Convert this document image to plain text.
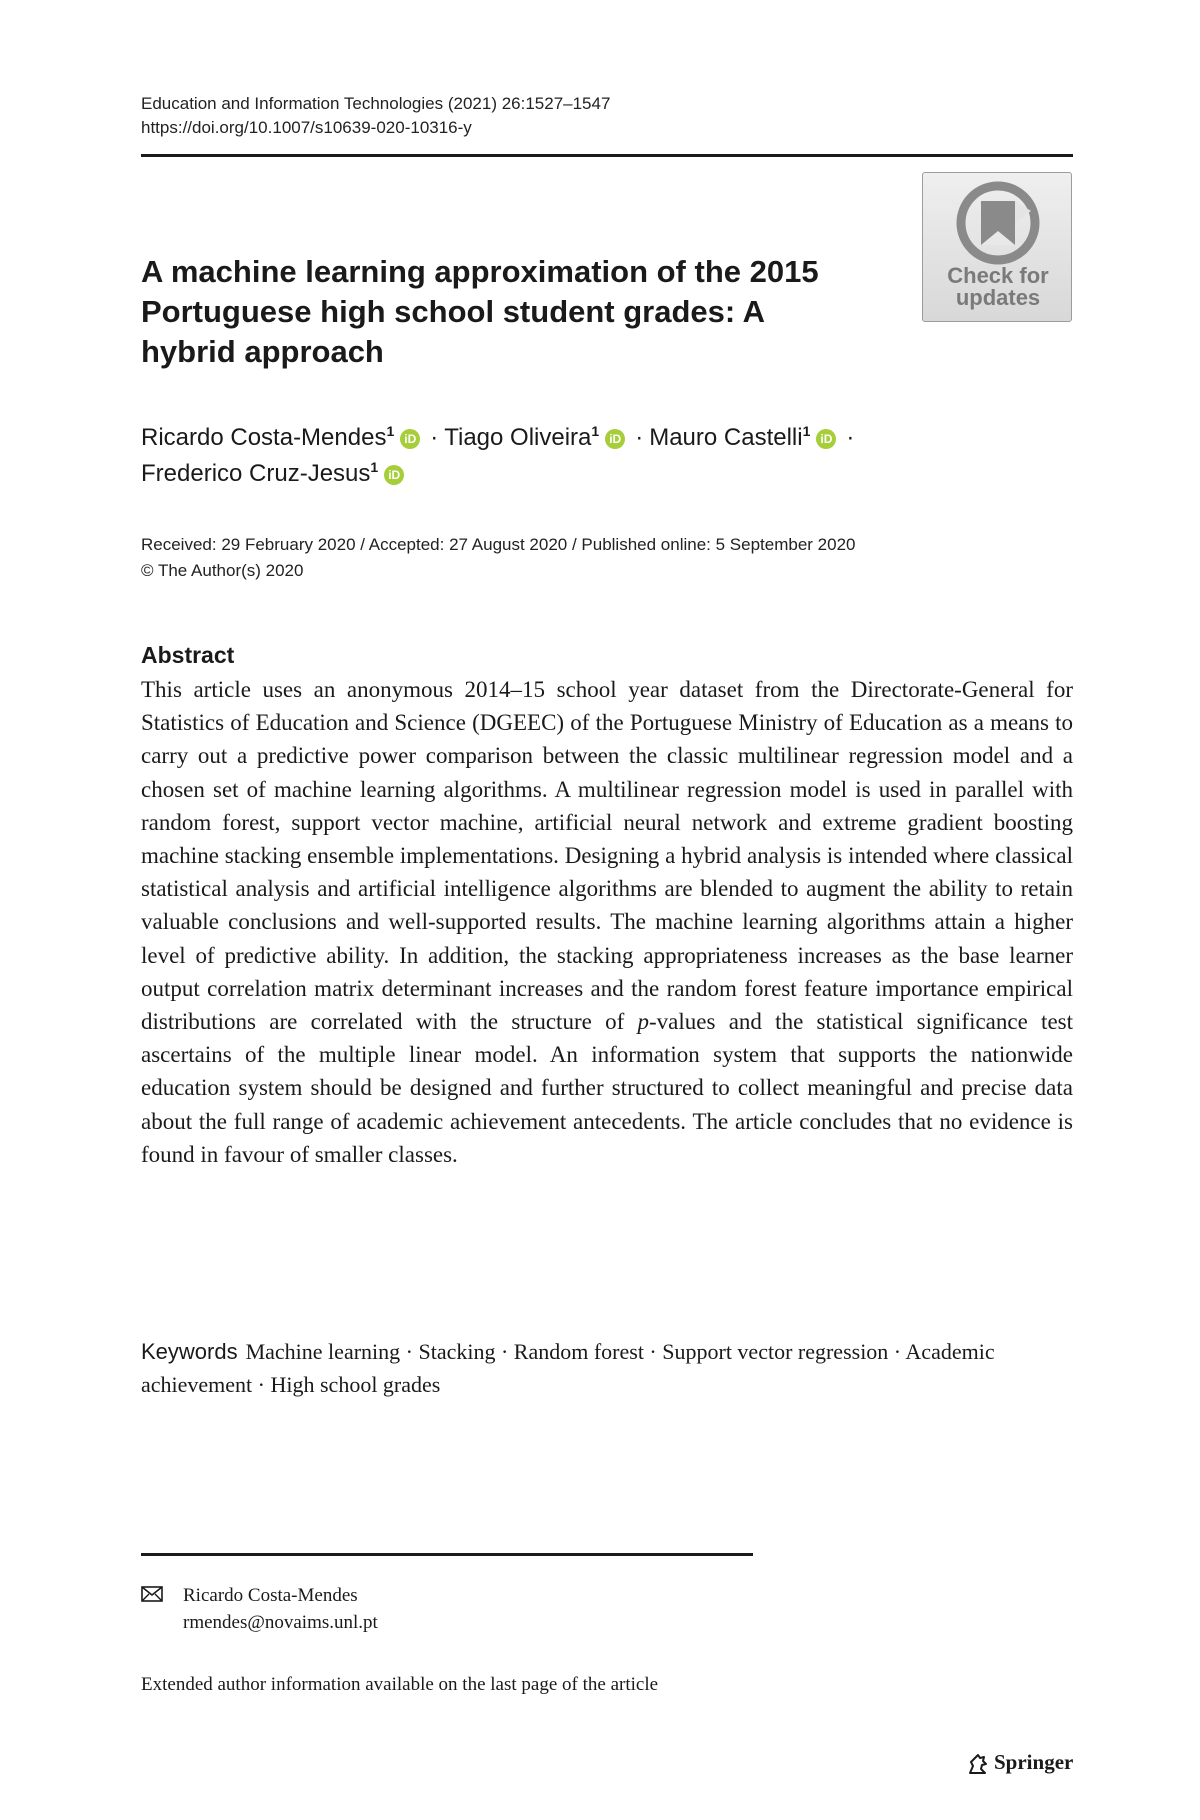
Education and Information Technologies (2021) 26:1527–1547
https://doi.org/10.1007/s10639-020-10316-y
A machine learning approximation of the 2015 Portuguese high school student grades: A hybrid approach
Check for
updates
Ricardo Costa-Mendes$^1$ iD · Tiago Oliveira$^1$ iD · Mauro Castelli$^1$ iD ·
Frederico Cruz-Jesus$^1$ iD
Received: 29 February 2020 / Accepted: 27 August 2020 / Published online: 5 September 2020
© The Author(s) 2020
Abstract

This article uses an anonymous 2014–15 school year dataset from the Directorate-General for Statistics of Education and Science (DGEEC) of the Portuguese Ministry of Education as a means to carry out a predictive power comparison between the classic multilinear regression model and a chosen set of machine learning algorithms. A multilinear regression model is used in parallel with random forest, support vector machine, artificial neural network and extreme gradient boosting machine stacking ensemble implementations. Designing a hybrid analysis is intended where classical statistical analysis and artificial intelligence algorithms are blended to augment the ability to retain valuable conclusions and well-supported results. The machine learning algorithms attain a higher level of predictive ability. In addition, the stacking appropriateness increases as the base learner output correlation matrix determinant increases and the random forest feature importance empirical distributions are correlated with the structure of p-values and the statistical significance test ascertains of the multiple linear model. An information system that supports the nationwide education system should be designed and further structured to collect meaningful and precise data about the full range of academic achievement antecedents. The article concludes that no evidence is found in favour of smaller classes.

Keywords Machine learning · Stacking · Random forest · Support vector regression · Academic achievement · High school grades
Ricardo Costa-Mendes
rmendes@novaims.unl.pt
Extended author information available on the last page of the article
Springer
